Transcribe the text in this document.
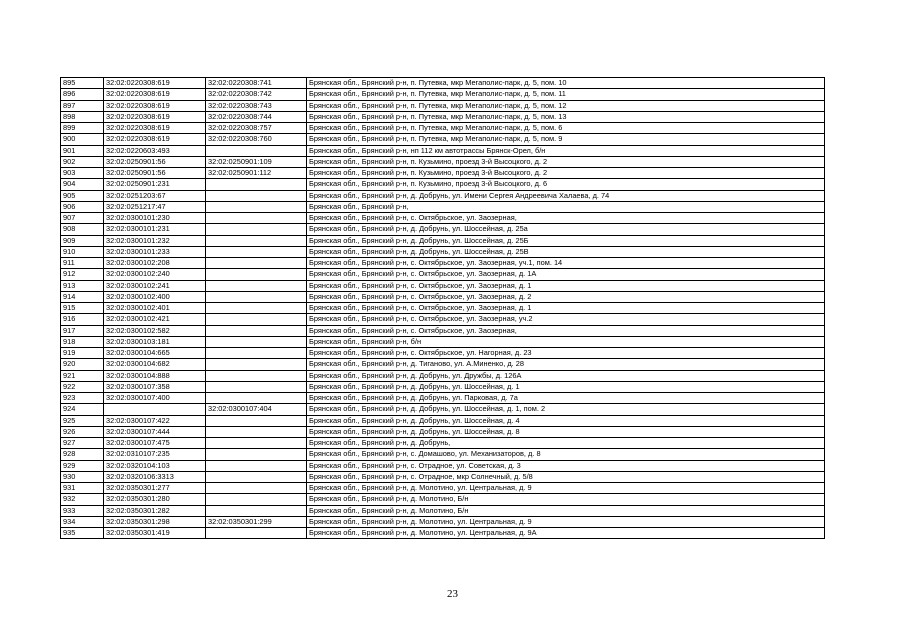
895	32:02:0220308:619	32:02:0220308:741	Брянская обл., Брянский р-н, п. Путевка, мкр Мегаполис-парк, д. 5, пом. 10
896	32:02:0220308:619	32:02:0220308:742	Брянская обл., Брянский р-н, п. Путевка, мкр Мегаполис-парк, д. 5, пом. 11
897	32:02:0220308:619	32:02:0220308:743	Брянская обл., Брянский р-н, п. Путевка, мкр Мегаполис-парк, д. 5, пом. 12
898	32:02:0220308:619	32:02:0220308:744	Брянская обл., Брянский р-н, п. Путевка, мкр Мегаполис-парк, д. 5, пом. 13
899	32:02:0220308:619	32:02:0220308:757	Брянская обл., Брянский р-н, п. Путевка, мкр Мегаполис-парк, д. 5, пом. 6
900	32:02:0220308:619	32:02:0220308:760	Брянская обл., Брянский р-н, п. Путевка, мкр Мегаполис-парк, д. 5, пом. 9
901	32:02:0220603:493		Брянская обл., Брянский р-н, нп 112 км автотрассы Брянск-Орел, б/н
902	32:02:0250901:56	32:02:0250901:109	Брянская обл., Брянский р-н, п. Кузьмино, проезд 3-й Высоцкого, д. 2
903	32:02:0250901:56	32:02:0250901:112	Брянская обл., Брянский р-н, п. Кузьмино, проезд 3-й Высоцкого, д. 2
904	32:02:0250901:231		Брянская обл., Брянский р-н, п. Кузьмино, проезд 3-й Высоцкого, д. 6
905	32:02:0251203:67		Брянская обл., Брянский р-н, д. Добрунь, ул. Имени Сергея Андреевича Халаева, д. 74
906	32:02:0251217:47		Брянская обл., Брянский р-н,
907	32:02:0300101:230		Брянская обл., Брянский р-н, с. Октябрьское, ул. Заозерная,
908	32:02:0300101:231		Брянская обл., Брянский р-н, д. Добрунь, ул. Шоссейная, д. 25а
909	32:02:0300101:232		Брянская обл., Брянский р-н, д. Добрунь, ул. Шоссейная, д. 25Б
910	32:02:0300101:233		Брянская обл., Брянский р-н, д. Добрунь, ул. Шоссейная, д. 25В
911	32:02:0300102:208		Брянская обл., Брянский р-н, с. Октябрьское, ул. Заозерная, уч.1, пом. 14
912	32:02:0300102:240		Брянская обл., Брянский р-н, с. Октябрьское, ул. Заозерная, д. 1А
913	32:02:0300102:241		Брянская обл., Брянский р-н, с. Октябрьское, ул. Заозерная, д. 1
914	32:02:0300102:400		Брянская обл., Брянский р-н, с. Октябрьское, ул. Заозерная, д. 2
915	32:02:0300102:401		Брянская обл., Брянский р-н, с. Октябрьское, ул. Заозерная, д. 1
916	32:02:0300102:421		Брянская обл., Брянский р-н, с. Октябрьское, ул. Заозерная, уч.2
917	32:02:0300102:582		Брянская обл., Брянский р-н, с. Октябрьское, ул. Заозерная,
918	32:02:0300103:181		Брянская обл., Брянский р-н, б/н
919	32:02:0300104:665		Брянская обл., Брянский р-н, с. Октябрьское, ул. Нагорная, д. 23
920	32:02:0300104:682		Брянская обл., Брянский р-н, д. Тиганово, ул. А.Миненко, д. 28
921	32:02:0300104:888		Брянская обл., Брянский р-н, д. Добрунь, ул. Дружбы, д. 126А
922	32:02:0300107:358		Брянская обл., Брянский р-н, д. Добрунь, ул. Шоссейная, д. 1
923	32:02:0300107:400		Брянская обл., Брянский р-н, д. Добрунь, ул. Парковая, д. 7а
924		32:02:0300107:404	Брянская обл., Брянский р-н, д. Добрунь, ул. Шоссейная, д. 1, пом. 2
925	32:02:0300107:422		Брянская обл., Брянский р-н, д. Добрунь, ул. Шоссейная, д. 4
926	32:02:0300107:444		Брянская обл., Брянский р-н, д. Добрунь, ул. Шоссейная, д. 8
927	32:02:0300107:475		Брянская обл., Брянский р-н, д. Добрунь,
928	32:02:0310107:235		Брянская обл., Брянский р-н, с. Домашово, ул. Механизаторов, д. 8
929	32:02:0320104:103		Брянская обл., Брянский р-н, с. Отрадное, ул. Советская, д. 3
930	32:02:0320106:3313		Брянская обл., Брянский р-н, с. Отрадное, мкр Солнечный, д. 5/8
931	32:02:0350301:277		Брянская обл., Брянский р-н, д. Молотино, ул. Центральная, д. 9
932	32:02:0350301:280		Брянская обл., Брянский р-н, д. Молотино, Б/н
933	32:02:0350301:282		Брянская обл., Брянский р-н, д. Молотино, Б/н
934	32:02:0350301:298	32:02:0350301:299	Брянская обл., Брянский р-н, д. Молотино, ул. Центральная, д. 9
935	32:02:0350301:419		Брянская обл., Брянский р-н, д. Молотино, ул. Центральная, д. 9А
23
